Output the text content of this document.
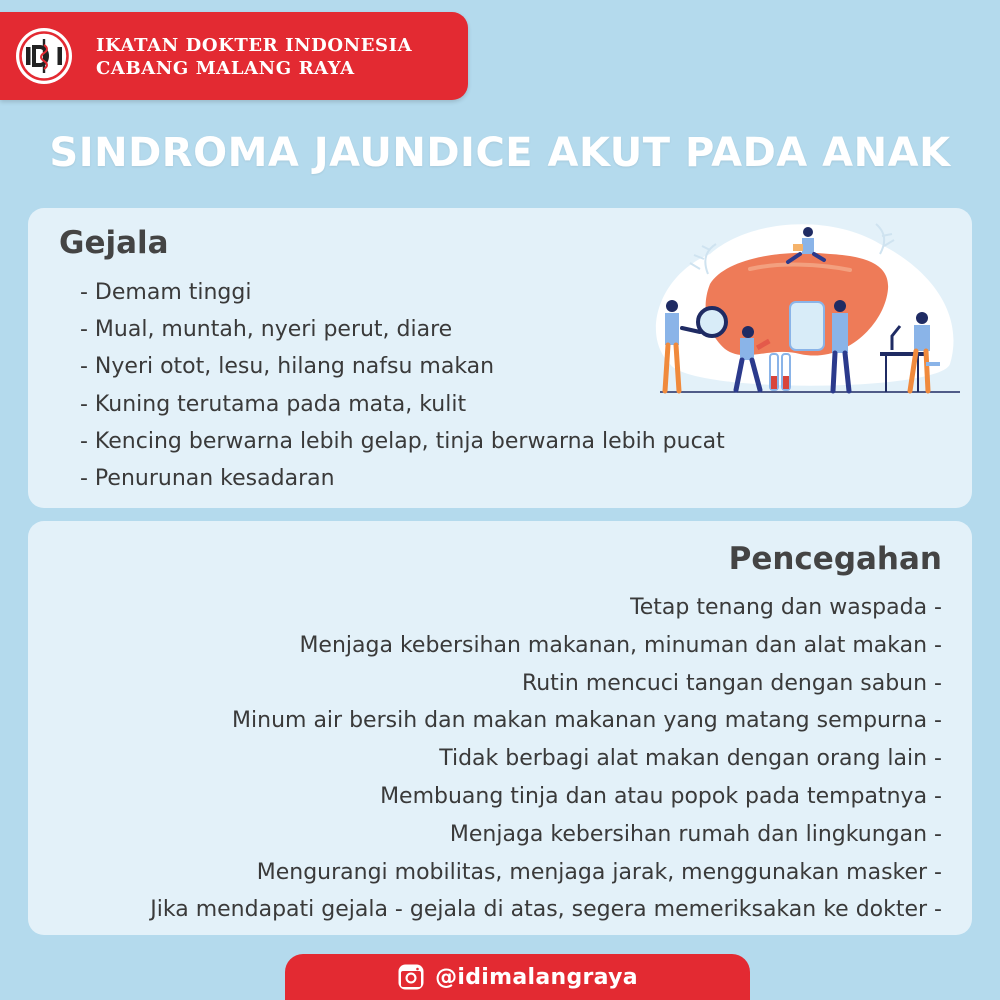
IKATAN DOKTER INDONESIA
CABANG MALANG RAYA
SINDROMA JAUNDICE AKUT PADA ANAK
Gejala
- Demam tinggi
- Mual, muntah, nyeri perut, diare
- Nyeri otot, lesu, hilang nafsu makan
- Kuning terutama pada mata, kulit
- Kencing berwarna lebih gelap, tinja berwarna lebih pucat
- Penurunan kesadaran
Pencegahan
Tetap tenang dan waspada -
Menjaga kebersihan makanan, minuman dan alat makan -
Rutin mencuci tangan dengan sabun -
Minum air bersih dan makan makanan yang matang sempurna -
Tidak berbagi alat makan dengan orang lain -
Membuang tinja dan atau popok pada tempatnya -
Menjaga kebersihan rumah dan lingkungan -
Mengurangi mobilitas, menjaga jarak, menggunakan masker -
Jika mendapati gejala - gejala di atas, segera memeriksakan ke dokter -
@idimalangraya
